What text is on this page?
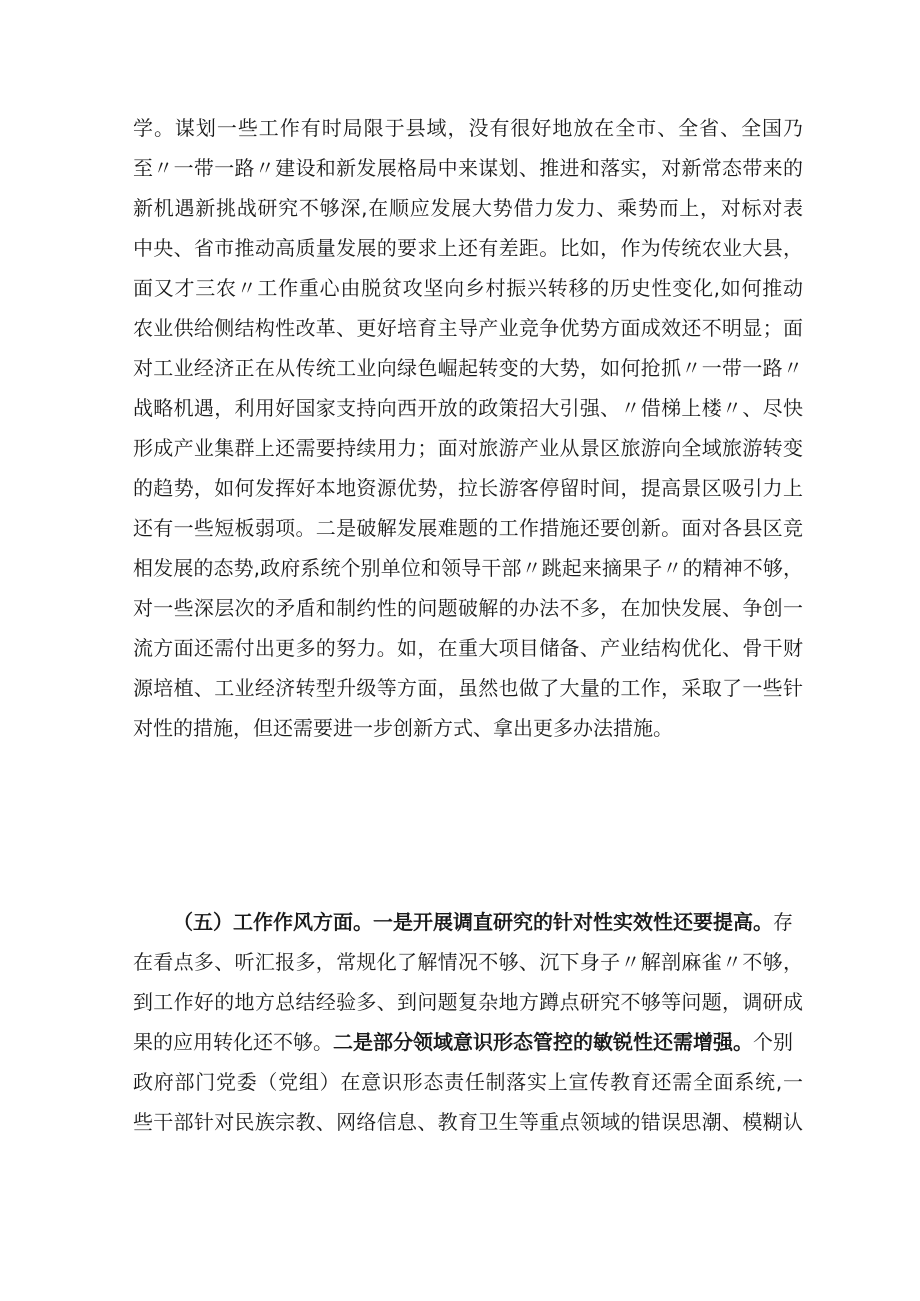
学。谋划一些工作有时局限于县域，没有很好地放在全市、全省、全国乃
至〃一带一路〃建设和新发展格局中来谋划、推进和落实，对新常态带来的
新机遇新挑战研究不够深,在顺应发展大势借力发力、乘势而上，对标对表
中央、省市推动高质量发展的要求上还有差距。比如，作为传统农业大县，
面又才三农〃工作重心由脱贫攻坚向乡村振兴转移的历史性变化,如何推动
农业供给侧结构性改革、更好培育主导产业竞争优势方面成效还不明显；面
对工业经济正在从传统工业向绿色崛起转变的大势，如何抢抓〃一带一路〃
战略机遇，利用好国家支持向西开放的政策招大引强、〃借梯上楼〃、尽快
形成产业集群上还需要持续用力；面对旅游产业从景区旅游向全域旅游转变
的趋势，如何发挥好本地资源优势，拉长游客停留时间，提高景区吸引力上
还有一些短板弱项。二是破解发展难题的工作措施还要创新。面对各县区竞
相发展的态势,政府系统个别单位和领导干部〃跳起来摘果子〃的精神不够，
对一些深层次的矛盾和制约性的问题破解的办法不多，在加快发展、争创一
流方面还需付出更多的努力。如，在重大项目储备、产业结构优化、骨干财
源培植、工业经济转型升级等方面，虽然也做了大量的工作，采取了一些针
对性的措施，但还需要进一步创新方式、拿出更多办法措施。
（五）工作作风方面。一是开展调直研究的针对性实效性还要提高。存
在看点多、听汇报多，常规化了解情况不够、沉下身子〃解剖麻雀〃不够，
到工作好的地方总结经验多、到问题复杂地方蹲点研究不够等问题，调研成
果的应用转化还不够。二是部分领域意识形态管控的敏锐性还需增强。个别
政府部门党委（党组）在意识形态责任制落实上宣传教育还需全面系统,一
些干部针对民族宗教、网络信息、教育卫生等重点领域的错误思潮、模糊认
